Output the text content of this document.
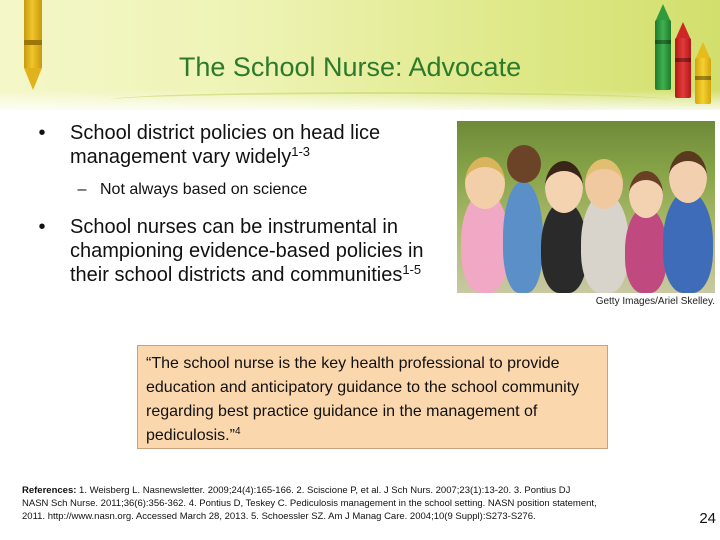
The School Nurse: Advocate
•	School district policies on head lice management vary widely$^{1-3}$
– Not always based on science
•	School nurses can be instrumental in championing evidence-based policies in their school districts and communities$^{1-5}$
Getty Images/Ariel Skelley.
“The school nurse is the key health professional to provide education and anticipatory guidance to the school community regarding best practice guidance in the management of pediculosis.”$^4$
References: 1. Weisberg L. Nasnewsletter. 2009;24(4):165-166. 2. Sciscione P, et al. J Sch Nurs. 2007;23(1):13-20. 3. Pontius DJ
NASN Sch Nurse. 2011;36(6):356-362. 4. Pontius D, Teskey C. Pediculosis management in the school setting. NASN position statement,
2011. http://www.nasn.org. Accessed March 28, 2013. 5. Schoessler SZ. Am J Manag Care. 2004;10(9 Suppl):S273-S276.	24
